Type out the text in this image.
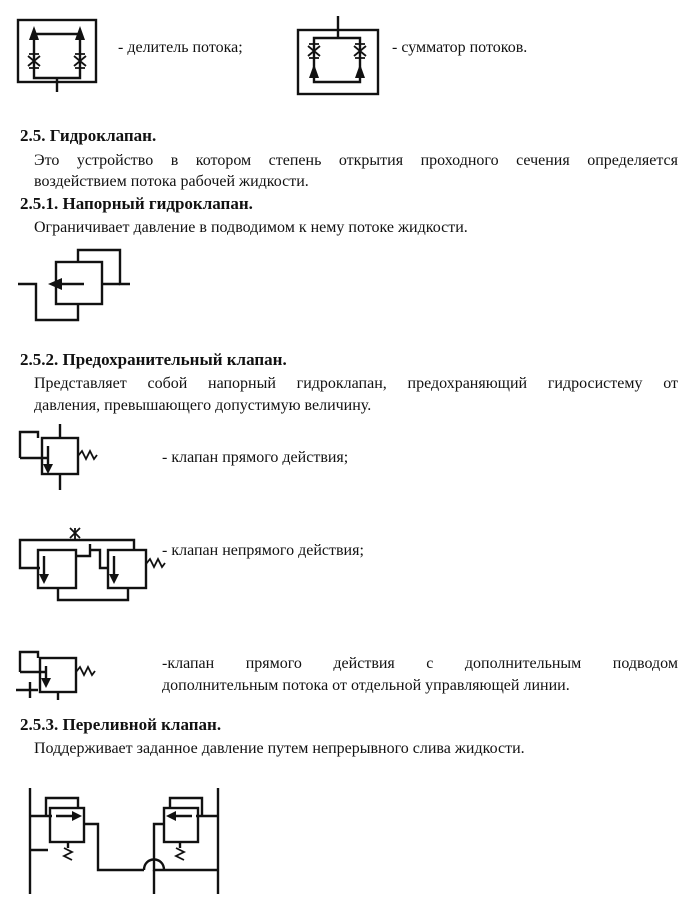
- делитель потока;	- сумматор потоков.
2.5. Гидроклапан.
Это устройство в котором степень открытия проходного сечения определяется
воздействием потока рабочей жидкости.
2.5.1. Напорный гидроклапан.
Ограничивает давление в подводимом к нему потоке жидкости.
2.5.2. Предохранительный клапан.
Представляет собой напорный гидроклапан, предохраняющий гидросистему от
давления, превышающего допустимую величину.
- клапан прямого действия;
- клапан непрямого действия;
-клапан прямого действия с дополнительным подводом
дополнительным потока от отдельной управляющей линии.
2.5.3. Переливной клапан.
Поддерживает заданное давление путем непрерывного слива жидкости.
